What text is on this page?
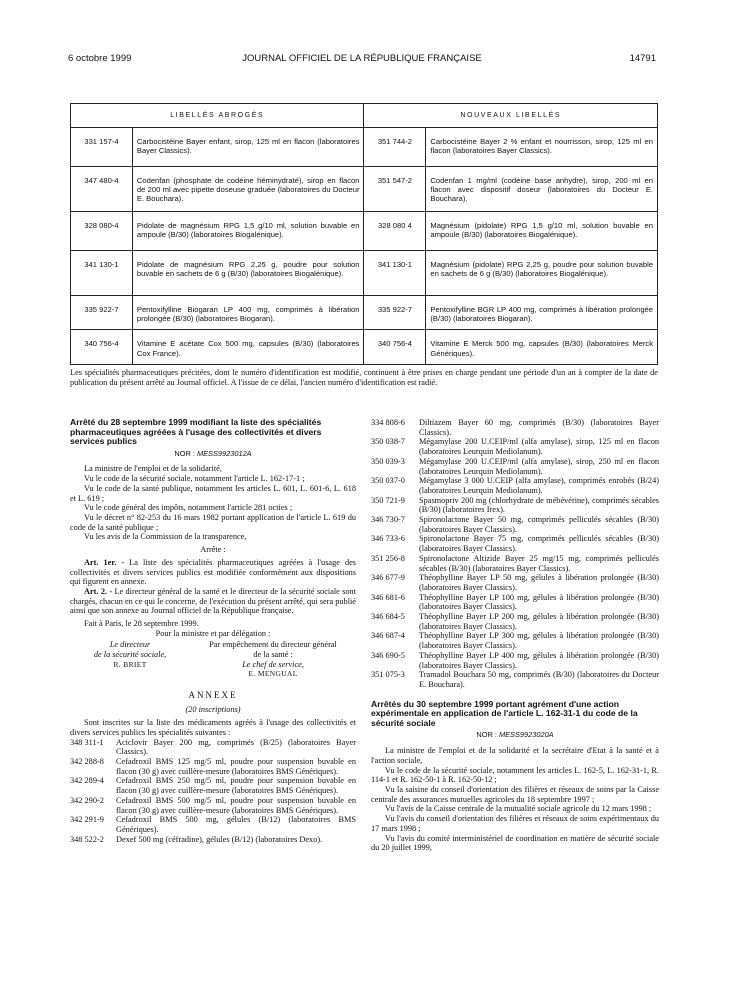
6 octobre 1999	JOURNAL OFFICIEL DE LA RÉPUBLIQUE FRANÇAISE	14791
LIBELLÉS ABROGÉS		NOUVEAUX LIBELLÉS	
331 157-4	Carbocistéine Bayer enfant, sirop, 125 ml en flacon (laboratoires Bayer Classics).	351 744-2	Carbocistéine Bayer 2 % enfant et nourrisson, sirop, 125 ml en flacon (laboratoires Bayer Classics).
347 480-4	Codenfan (phosphate de codéine héminydraté), sirop en flacon de 200 ml avec pipette doseuse graduée (laboratoires du Docteur E. Bouchara).	351 547-2	Codenfan 1 mg/ml (codéine base anhydre), sirop, 200 ml en flacon avec dispositif doseur (laboratoires du Docteur E. Bouchara).
328 080-4	Pidolate de magnésium RPG 1,5 g/10 ml, solution buvable en ampoule (B/30) (laboratoires Biogalénique).	328 080 4	Magnésium (pidolate) RPG 1,5 g/10 ml, solution buvable en ampoule (B/30) (laboratoires Biogalénique).
341 130-1	Pidolate de magnésium RPG 2,25 g, poudre pour solution buvable en sachets de 6 g (B/30) (laboratoires Biogalénique).	341 130-1	Magnésium (pidolate) RPG 2,25 g, poudre pour solution buvable en sachets de 6 g (B/30) (laboratoires Biogalénique).
335 922-7	Pentoxifylline Biogaran LP 400 mg, comprimés à libération prolongée (B/30) (laboratoires Biogaran).	335 922-7	Pentoxifylline BGR LP 400 mg, comprimés à libération prolongée (B/30) (laboratoires Biogaran).
340 756-4	Vitamine E acétate Cox 500 mg, capsules (B/30) (laboratoires Cox France).	340 756-4	Vitamine E Merck 500 mg, capsules (B/30) (laboratoires Merck Génériques).

Les spécialités pharmaceutiques précitées, dont le numéro d'identification est modifié, continuent à être prises en charge pendant une période d'un an à compter de la date de publication du présent arrêté au Journal officiel. A l'issue de ce délai, l'ancien numéro d'identification est radié.

Arrêté du 28 septembre 1999 modifiant la liste des spécialités pharmaceutiques agréées à l'usage des collectivités et divers services publics
NOR : MESS9923012A

La ministre de l'emploi et de la solidarité,

Vu le code de la sécurité sociale, notamment l'article L. 162-17-1 ;

Vu le code de la santé publique, notamment les articles L. 601, L. 601-6, L. 618 et L. 619 ;

Vu le code général des impôts, notamment l'article 281 octies ;

Vu le décret n° 82-253 du 16 mars 1982 portant application de l'article L. 619 du code de la santé publique ;

Vu les avis de la Commission de la transparence,

Arrête :

Art. 1er. - La liste des spécialités pharmaceutiques agréées à l'usage des collectivités et divers services publics est modifiée conformément aux dispositions qui figurent en annexe.

Art. 2. - Le directeur général de la santé et le directeur de la sécurité sociale sont chargés, chacun en ce qui le concerne, de l'exécution du présent arrêté, qui sera publié ainsi que son annexe au Journal officiel de la République française.

Fait à Paris, le 28 septembre 1999.

Pour la ministre et par délégation :

Le directeur
de la sécurité sociale,
R. BRIET
Par empêchement du directeur général
de la santé :
Le chef de service,
E. MENGUAL
ANNEXE
(20 inscriptions)

Sont inscrites sur la liste des médicaments agréés à l'usage des collectivités et divers services publics les spécialités suivantes :

348 311-1	Aciclovir Bayer 200 mg, comprimés (B/25) (laboratoires Bayer Classics).
342 288-8	Cefadroxil BMS 125 mg/5 ml, poudre pour suspension buvable en flacon (30 g) avec cuillère-mesure (laboratoires BMS Génériques).
342 289-4	Cefadroxil BMS 250 mg/5 ml, poudre pour suspension buvable en flacon (30 g) avec cuillère-mesure (laboratoires BMS Génériques).
342 290-2	Cefadroxil BMS 500 mg/5 ml, poudre pour suspension buvable en flacon (30 g) avec cuillère-mesure (laboratoires BMS Génériques).
342 291-9	Cefadroxil BMS 500 mg, gélules (B/12) (laboratoires BMS Génériques).
348 522-2	Dexef 500 mg (céfradine), gélules (B/12) (laboratoires Dexo).
334 808-6	Diltiazem Bayer 60 mg, comprimés (B/30) (laboratoires Bayer Classics).
350 038-7	Mégamylase 200 U.CEIP/ml (alfa amylase), sirop, 125 ml en flacon (laboratoires Leurquin Mediolanum).
350 039-3	Mégamylase 200 U.CEIP/ml (alfa amylase), sirop, 250 ml en flacon (laboratoires Leurquin Mediolanum).
350 037-0	Mégamylase 3 000 U.CEIP (alfa amylase), comprimés enrobés (B/24) (laboratoires Leurquin Mediolanum).
350 721-9	Spasmopriv 200 mg (chlorhydrate de mébévérine), comprimés sécables (B/30) (laboratoires Irex).
346 730-7	Spironolactone Bayer 50 mg, comprimés pelliculés sécables (B/30) (laboratoires Bayer Classics).
346 733-6	Spironolactone Bayer 75 mg, comprimés pelliculés sécables (B/30) (laboratoires Bayer Classics).
351 256-8	Spironolactone Altizide Bayer 25 mg/15 mg, comprimés pelliculés sécables (B/30) (laboratoires Bayer Classics).
346 677-9	Théophylline Bayer LP 50 mg, gélules à libération prolongée (B/30) (laboratoires Bayer Classics).
346 681-6	Théophylline Bayer LP 100 mg, gélules à libération prolongée (B/30) (laboratoires Bayer Classics).
346 684-5	Théophylline Bayer LP 200 mg, gélules à libération prolongée (B/30) (laboratoires Bayer Classics).
346 687-4	Théophylline Bayer LP 300 mg, gélules à libération prolongée (B/30) (laboratoires Bayer Classics).
346 690-5	Théophylline Bayer LP 400 mg, gélules à libération prolongée (B/30) (laboratoires Bayer Classics).
351 075-3	Tramadol Bouchara 50 mg, comprimés (B/30) (laboratoires du Docteur E. Bouchara).
Arrêtés du 30 septembre 1999 portant agrément d'une action expérimentale en application de l'article L. 162-31-1 du code de la sécurité sociale
NOR : MESS9923020A

La ministre de l'emploi et de la solidarité et la secrétaire d'Etat à la santé et à l'action sociale,

Vu le code de la sécurité sociale, notamment les articles L. 162-5, L. 162-31-1, R. 114-1 et R. 162-50-1 à R. 162-50-12 ;

Vu la saisine du conseil d'orientation des filières et réseaux de soins par la Caisse centrale des assurances mutuelles agricoles du 18 septembre 1997 ;

Vu l'avis de la Caisse centrale de la mutualité sociale agricole du 12 mars 1998 ;

Vu l'avis du conseil d'orientation des filières et réseaux de soins expérimentaux du 17 mars 1998 ;

Vu l'avis du comité interministériel de coordination en matière de sécurité sociale du 20 juillet 1999,
